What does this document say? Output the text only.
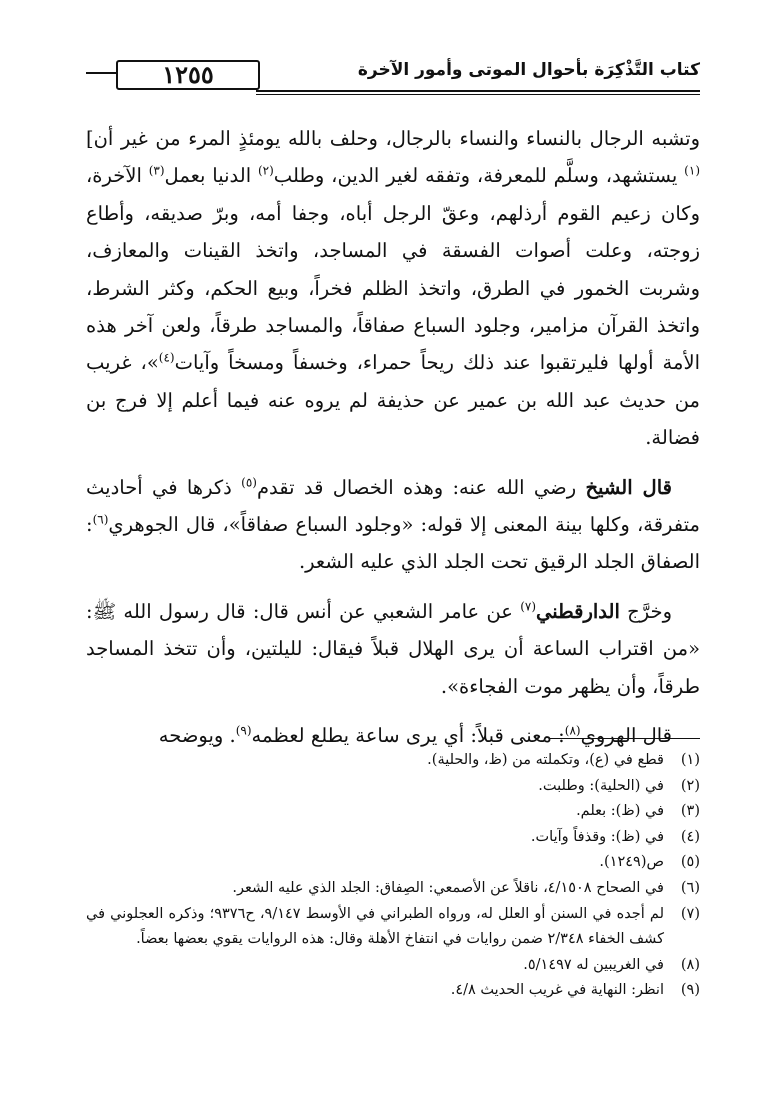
١٢٥٥	كتاب التَّذْكِرَة بأحوال الموتى وأمور الآخرة

وتشبه الرجال بالنساء والنساء بالرجال، وحلف بالله يومئذٍ المرء من غير أن]$^{(١)}$ يستشهد، وسلَّم للمعرفة، وتفقه لغير الدين، وطلب$^{(٢)}$ الدنيا بعمل$^{(٣)}$ الآخرة، وكان زعيم القوم أرذلهم، وعقّ الرجل أباه، وجفا أمه، وبرّ صديقه، وأطاع زوجته، وعلت أصوات الفسقة في المساجد، واتخذ القينات والمعازف، وشربت الخمور في الطرق، واتخذ الظلم فخراً، وبيع الحكم، وكثر الشرط، واتخذ القرآن مزامير، وجلود السباع صفاقاً، والمساجد طرقاً، ولعن آخر هذه الأمة أولها فليرتقبوا عند ذلك ريحاً حمراء، وخسفاً ومسخاً وآيات$^{(٤)}$»، غريب من حديث عبد الله بن عمير عن حذيفة لم يروه عنه فيما أعلم إلا فرج بن فضالة.

قال الشيخ رضي الله عنه: وهذه الخصال قد تقدم$^{(٥)}$ ذكرها في أحاديث متفرقة، وكلها بينة المعنى إلا قوله: «وجلود السباع صفاقاً»، قال الجوهري$^{(٦)}$: الصفاق الجلد الرقيق تحت الجلد الذي عليه الشعر.

وخرَّج الدارقطني$^{(٧)}$ عن عامر الشعبي عن أنس قال: قال رسول الله ﷺ: «من اقتراب الساعة أن يرى الهلال قبلاً فيقال: لليلتين، وأن تتخذ المساجد طرقاً، وأن يظهر موت الفجاءة».

قال الهروي$^{(٨)}$: معنى قبلاً: أي يرى ساعة يطلع لعظمه$^{(٩)}$. ويوضحه

(١)
قطع في (ع)، وتكملته من (ظ، والحلية).
(٢)
في (الحلية): وطلبت.
(٣)
في (ظ): بعلم.
(٤)
في (ظ): وقذفاً وآيات.
(٥)
ص(١٢٤٩).
(٦)
في الصحاح ٤/١٥٠٨، ناقلاً عن الأصمعي: الصِفاق: الجلد الذي عليه الشعر.
(٧)
لم أجده في السنن أو العلل له، ورواه الطبراني في الأوسط ٩/١٤٧، ح٩٣٧٦؛ وذكره العجلوني في كشف الخفاء ٢/٣٤٨ ضمن روايات في انتفاخ الأهلة وقال: هذه الروايات يقوي بعضها بعضاً.
(٨)
في الغريبين له ٥/١٤٩٧.
(٩)
انظر: النهاية في غريب الحديث ٤/٨.
